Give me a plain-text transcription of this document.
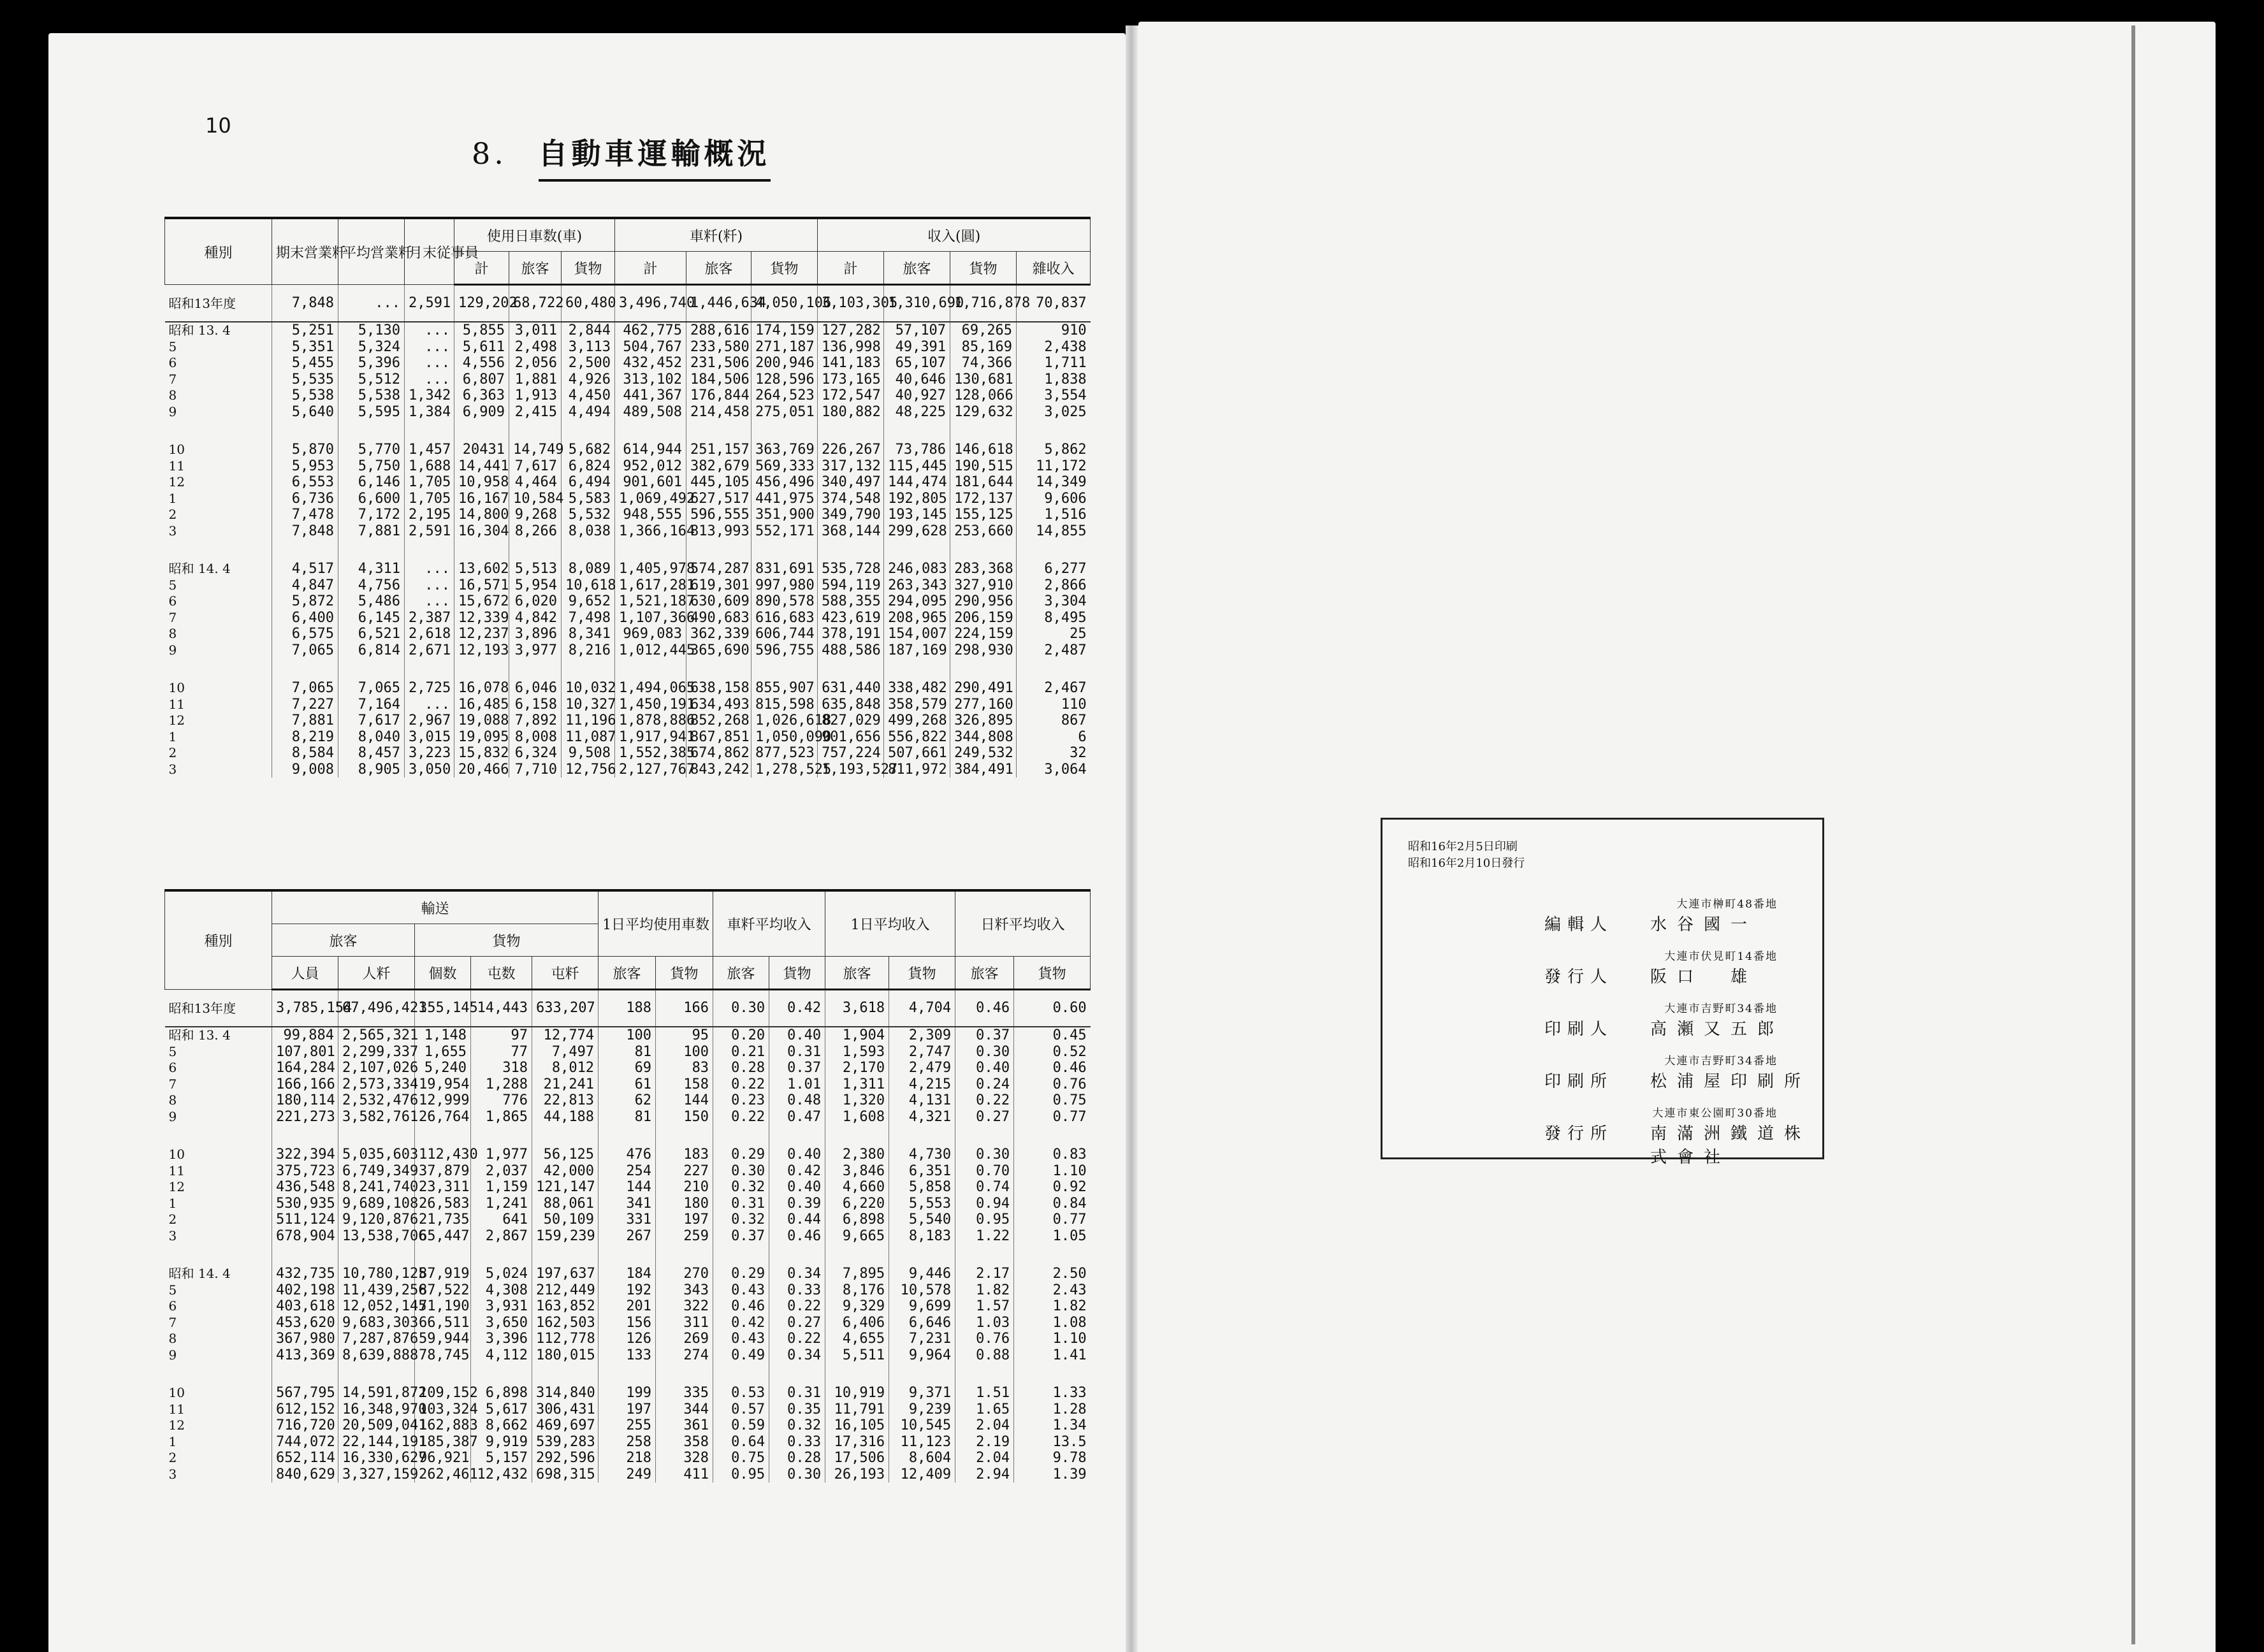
10
8. 自動車運輸概況
種別	期末営業粁	平均営業粁	月末従事員	使用日車数(車)			車粁(粁)			収入(圓)			
				計	旅客	貨物	計	旅客	貨物	計	旅客	貨物	雜收入
昭和13年度	7,848	...	2,591	129,202	68,722	60,480	3,496,740	1,446,634	4,050,106	3,103,305	1,310,690	1,716,878	70,837
昭和 13. 4	5,251	5,130	...	5,855	3,011	2,844	462,775	288,616	174,159	127,282	57,107	69,265	910
5	5,351	5,324	...	5,611	2,498	3,113	504,767	233,580	271,187	136,998	49,391	85,169	2,438
6	5,455	5,396	...	4,556	2,056	2,500	432,452	231,506	200,946	141,183	65,107	74,366	1,711
7	5,535	5,512	...	6,807	1,881	4,926	313,102	184,506	128,596	173,165	40,646	130,681	1,838
8	5,538	5,538	1,342	6,363	1,913	4,450	441,367	176,844	264,523	172,547	40,927	128,066	3,554
9	5,640	5,595	1,384	6,909	2,415	4,494	489,508	214,458	275,051	180,882	48,225	129,632	3,025

10	5,870	5,770	1,457	20431	14,749	5,682	614,944	251,157	363,769	226,267	73,786	146,618	5,862
11	5,953	5,750	1,688	14,441	7,617	6,824	952,012	382,679	569,333	317,132	115,445	190,515	11,172
12	6,553	6,146	1,705	10,958	4,464	6,494	901,601	445,105	456,496	340,497	144,474	181,644	14,349
1	6,736	6,600	1,705	16,167	10,584	5,583	1,069,492	627,517	441,975	374,548	192,805	172,137	9,606
2	7,478	7,172	2,195	14,800	9,268	5,532	948,555	596,555	351,900	349,790	193,145	155,125	1,516
3	7,848	7,881	2,591	16,304	8,266	8,038	1,366,164	813,993	552,171	368,144	299,628	253,660	14,855

昭和 14. 4	4,517	4,311	...	13,602	5,513	8,089	1,405,978	574,287	831,691	535,728	246,083	283,368	6,277
5	4,847	4,756	...	16,571	5,954	10,618	1,617,281	619,301	997,980	594,119	263,343	327,910	2,866
6	5,872	5,486	...	15,672	6,020	9,652	1,521,187	630,609	890,578	588,355	294,095	290,956	3,304
7	6,400	6,145	2,387	12,339	4,842	7,498	1,107,366	490,683	616,683	423,619	208,965	206,159	8,495
8	6,575	6,521	2,618	12,237	3,896	8,341	969,083	362,339	606,744	378,191	154,007	224,159	25
9	7,065	6,814	2,671	12,193	3,977	8,216	1,012,445	365,690	596,755	488,586	187,169	298,930	2,487

10	7,065	7,065	2,725	16,078	6,046	10,032	1,494,065	638,158	855,907	631,440	338,482	290,491	2,467
11	7,227	7,164	...	16,485	6,158	10,327	1,450,191	634,493	815,598	635,848	358,579	277,160	110
12	7,881	7,617	2,967	19,088	7,892	11,196	1,878,886	852,268	1,026,618	827,029	499,268	326,895	867
1	8,219	8,040	3,015	19,095	8,008	11,087	1,917,941	867,851	1,050,090	901,656	556,822	344,808	6
2	8,584	8,457	3,223	15,832	6,324	9,508	1,552,385	674,862	877,523	757,224	507,661	249,532	32
3	9,008	8,905	3,050	20,466	7,710	12,756	2,127,767	843,242	1,278,525	1,193,527	811,972	384,491	3,064
種別	輸送					1日平均使用車数		車粁平均收入		1日平均收入		日粁平均收入	
	旅客		貨物										
	人員	人粁	個数	屯数	屯粁	旅客	貨物	旅客	貨物	旅客	貨物	旅客	貨物
昭和13年度	3,785,154	67,496,421	355,145	14,443	633,207	188	166	0.30	0.42	3,618	4,704	0.46	0.60
昭和 13. 4	99,884	2,565,321	1,148	97	12,774	100	95	0.20	0.40	1,904	2,309	0.37	0.45
5	107,801	2,299,337	1,655	77	7,497	81	100	0.21	0.31	1,593	2,747	0.30	0.52
6	164,284	2,107,026	5,240	318	8,012	69	83	0.28	0.37	2,170	2,479	0.40	0.46
7	166,166	2,573,334	19,954	1,288	21,241	61	158	0.22	1.01	1,311	4,215	0.24	0.76
8	180,114	2,532,476	12,999	776	22,813	62	144	0.23	0.48	1,320	4,131	0.22	0.75
9	221,273	3,582,761	26,764	1,865	44,188	81	150	0.22	0.47	1,608	4,321	0.27	0.77

10	322,394	5,035,603	112,430	1,977	56,125	476	183	0.29	0.40	2,380	4,730	0.30	0.83
11	375,723	6,749,349	37,879	2,037	42,000	254	227	0.30	0.42	3,846	6,351	0.70	1.10
12	436,548	8,241,740	23,311	1,159	121,147	144	210	0.32	0.40	4,660	5,858	0.74	0.92
1	530,935	9,689,108	26,583	1,241	88,061	341	180	0.31	0.39	6,220	5,553	0.94	0.84
2	511,124	9,120,876	21,735	641	50,109	331	197	0.32	0.44	6,898	5,540	0.95	0.77
3	678,904	13,538,706	65,447	2,867	159,239	267	259	0.37	0.46	9,665	8,183	1.22	1.05

昭和 14. 4	432,735	10,780,125	87,919	5,024	197,637	184	270	0.29	0.34	7,895	9,446	2.17	2.50
5	402,198	11,439,256	87,522	4,308	212,449	192	343	0.43	0.33	8,176	10,578	1.82	2.43
6	403,618	12,052,145	71,190	3,931	163,852	201	322	0.46	0.22	9,329	9,699	1.57	1.82
7	453,620	9,683,303	66,511	3,650	162,503	156	311	0.42	0.27	6,406	6,646	1.03	1.08
8	367,980	7,287,876	59,944	3,396	112,778	126	269	0.43	0.22	4,655	7,231	0.76	1.10
9	413,369	8,639,888	78,745	4,112	180,015	133	274	0.49	0.34	5,511	9,964	0.88	1.41

10	567,795	14,591,872	109,152	6,898	314,840	199	335	0.53	0.31	10,919	9,371	1.51	1.33
11	612,152	16,348,970	103,324	5,617	306,431	197	344	0.57	0.35	11,791	9,239	1.65	1.28
12	716,720	20,509,041	162,883	8,662	469,697	255	361	0.59	0.32	16,105	10,545	2.04	1.34
1	744,072	22,144,191	185,387	9,919	539,283	258	358	0.64	0.33	17,316	11,123	2.19	13.5
2	652,114	16,330,627	96,921	5,157	292,596	218	328	0.75	0.28	17,506	8,604	2.04	9.78
3	840,629	3,327,159	262,461	12,432	698,315	249	411	0.95	0.30	26,193	12,409	2.94	1.39
昭和16年2月5日印刷
昭和16年2月10日發行
大連市榊町48番地
編輯人 水谷國一
大連市伏見町14番地
發行人 阪口　雄
大連市吉野町34番地
印刷人 高瀬又五郎
大連市吉野町34番地
印刷所 松浦屋印刷所
大連市東公園町30番地
發行所 南滿洲鐵道株式會社
